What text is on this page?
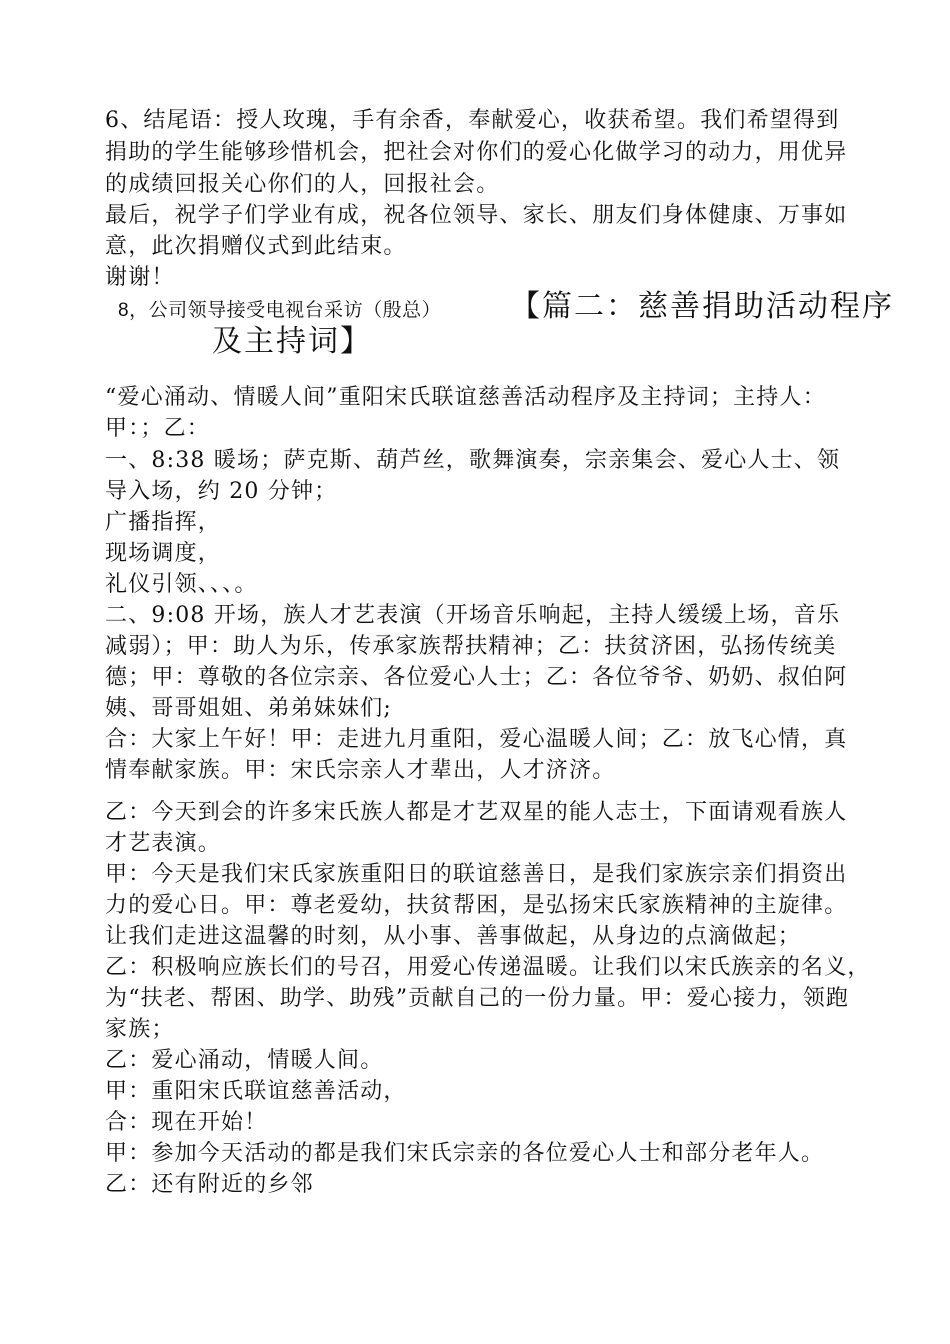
6、结尾语：授人玫瑰，手有余香，奉献爱心，收获希望。我们希望得到
捐助的学生能够珍惜机会，把社会对你们的爱心化做学习的动力，用优异
的成绩回报关心你们的人，回报社会。
最后，祝学子们学业有成，祝各位领导、家长、朋友们身体健康、万事如
意，此次捐赠仪式到此结束。
谢谢！
8，公司领导接受电视台采访（殷总） 【篇二：慈善捐助活动程序
及主持词】
“爱心涌动、情暖人间”重阳宋氏联谊慈善活动程序及主持词；主持人：
甲：；乙：
一、8:38 暖场；萨克斯、葫芦丝，歌舞演奏，宗亲集会、爱心人士、领
导入场，约 20 分钟；
广播指挥，
现场调度，
礼仪引领、、、。
二、9:08 开场，族人才艺表演（开场音乐响起，主持人缓缓上场，音乐
减弱）；甲：助人为乐，传承家族帮扶精神；乙：扶贫济困，弘扬传统美
德；甲：尊敬的各位宗亲、各位爱心人士；乙：各位爷爷、奶奶、叔伯阿
姨、哥哥姐姐、弟弟妹妹们;
合：大家上午好！甲：走进九月重阳，爱心温暖人间；乙：放飞心情，真
情奉献家族。甲：宋氏宗亲人才辈出，人才济济。
乙：今天到会的许多宋氏族人都是才艺双星的能人志士，下面请观看族人
才艺表演。
甲：今天是我们宋氏家族重阳日的联谊慈善日，是我们家族宗亲们捐资出
力的爱心日。甲：尊老爱幼，扶贫帮困，是弘扬宋氏家族精神的主旋律。
让我们走进这温馨的时刻，从小事、善事做起，从身边的点滴做起；
乙：积极响应族长们的号召，用爱心传递温暖。让我们以宋氏族亲的名义，
为“扶老、帮困、助学、助残”贡献自己的一份力量。甲：爱心接力，领跑
家族；
乙：爱心涌动，情暖人间。
甲：重阳宋氏联谊慈善活动，
合：现在开始！
甲：参加今天活动的都是我们宋氏宗亲的各位爱心人士和部分老年人。
乙：还有附近的乡邻
